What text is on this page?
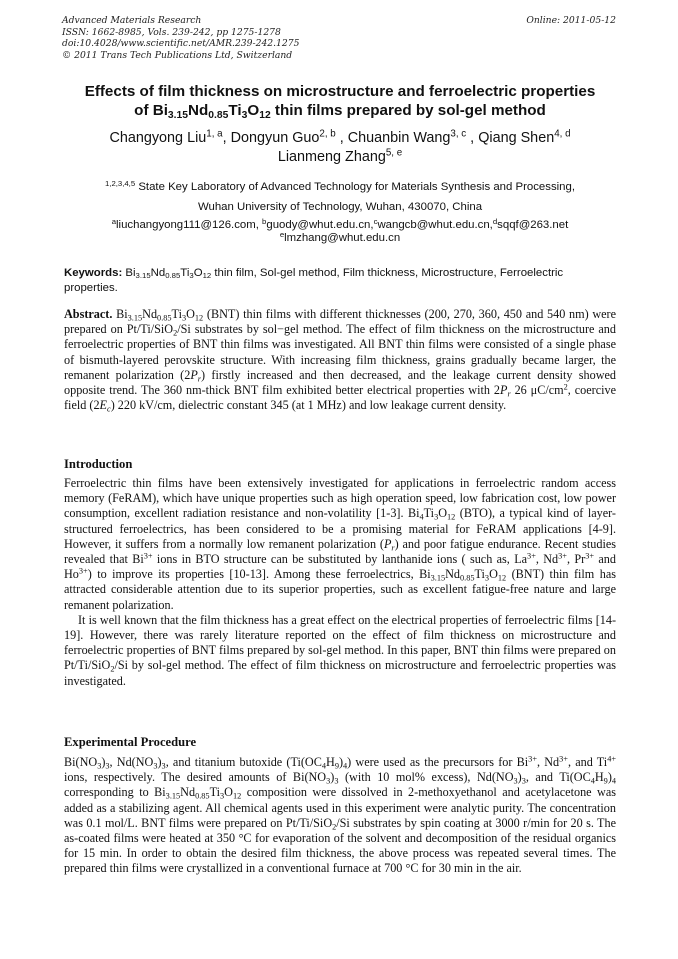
Advanced Materials Research
ISSN: 1662-8985, Vols. 239-242, pp 1275-1278
doi:10.4028/www.scientific.net/AMR.239-242.1275
© 2011 Trans Tech Publications Ltd, Switzerland
Online: 2011-05-12
Effects of film thickness on microstructure and ferroelectric properties
of $Bi_{3.15}Nd_{0.85}Ti_3O_{12}$ thin films prepared by sol-gel method
Changyong Liu$^{1, a}$, Dongyun Guo$^{2, b}$ , Chuanbin Wang$^{3, c}$ , Qiang Shen$^{4, d}$
Lianmeng Zhang$^{5, e}$
$^{1,2,3,4,5}$ State Key Laboratory of Advanced Technology for Materials Synthesis and Processing,
Wuhan University of Technology, Wuhan, 430070, China
$^a$liuchangyong111@126.com, $^b$guody@whut.edu.cn,$^c$wangcb@whut.edu.cn,$^d$sqqf@263.net
$^e$lmzhang@whut.edu.cn
Keywords: $Bi_{3.15}Nd_{0.85}Ti_3O_{12}$ thin film, Sol-gel method, Film thickness, Microstructure, Ferroelectric properties.

Abstract. $Bi_{3.15}Nd_{0.85}Ti_3O_{12}$ (BNT) thin films with different thicknesses (200, 270, 360, 450 and 540 nm) were prepared on Pt/Ti/SiO$_2$/Si substrates by sol−gel method. The effect of film thickness on the microstructure and ferroelectric properties of BNT thin films was investigated. All BNT thin films were consisted of a single phase of bismuth-layered perovskite structure. With increasing film thickness, grains gradually became larger, the remanent polarization $(2P_r)$ firstly increased and then decreased, and the leakage current density showed opposite trend. The 360 nm-thick BNT film exhibited better electrical properties with $2P_r$ 26 $\mu C/cm^2$, coercive field $(2E_c)$ 220 kV/cm, dielectric constant 345 (at 1 MHz) and low leakage current density.

Introduction

Ferroelectric thin films have been extensively investigated for applications in ferroelectric random access memory (FeRAM), which have unique properties such as high operation speed, low fabrication cost, low power consumption, excellent radiation resistance and non-volatility [1-3]. $Bi_4Ti_3O_{12}$ (BTO), a typical kind of layer-structured ferroelectrics, has been considered to be a promising material for FeRAM applications [4-9]. However, it suffers from a normally low remanent polarization $(P_r)$ and poor fatigue endurance. Recent studies revealed that $Bi^{3+}$ ions in BTO structure can be substituted by lanthanide ions ( such as, $La^{3+}$, $Nd^{3+}$, $Pr^{3+}$ and $Ho^{3+}$) to improve its properties [10-13]. Among these ferroelectrics, $Bi_{3.15}Nd_{0.85}Ti_3O_{12}$ (BNT) thin film has attracted considerable attention due to its superior properties, such as excellent fatigue-free nature and large remanent polarization.

It is well known that the film thickness has a great effect on the electrical properties of ferroelectric films [14-19]. However, there was rarely literature reported on the effect of film thickness on microstructure and ferroelectric properties of BNT films prepared by sol-gel method. In this paper, BNT thin films were prepared on Pt/Ti/SiO$_2$/Si by sol-gel method. The effect of film thickness on microstructure and ferroelectric properties was investigated.

Experimental Procedure

$Bi(NO_3)_3$, $Nd(NO_3)_3$, and titanium butoxide $(Ti(OC_4H_9)_4)$ were used as the precursors for $Bi^{3+}$, $Nd^{3+}$, and $Ti^{4+}$ ions, respectively. The desired amounts of $Bi(NO_3)_3$ (with 10 mol% excess), $Nd(NO_3)_3$, and $Ti(OC_4H_9)_4$ corresponding to $Bi_{3.15}Nd_{0.85}Ti_3O_{12}$ composition were dissolved in 2-methoxyethanol and acetylacetone was added as a stabilizing agent. All chemical agents used in this experiment were analytic purity. The concentration was 0.1 mol/L. BNT films were prepared on Pt/Ti/SiO$_2$/Si substrates by spin coating at 3000 r/min for 20 s. The as-coated films were heated at 350 °C for evaporation of the solvent and decomposition of the residual organics for 15 min. In order to obtain the desired film thickness, the above process was repeated several times. The prepared thin films were crystallized in a conventional furnace at 700 °C for 30 min in the air.
